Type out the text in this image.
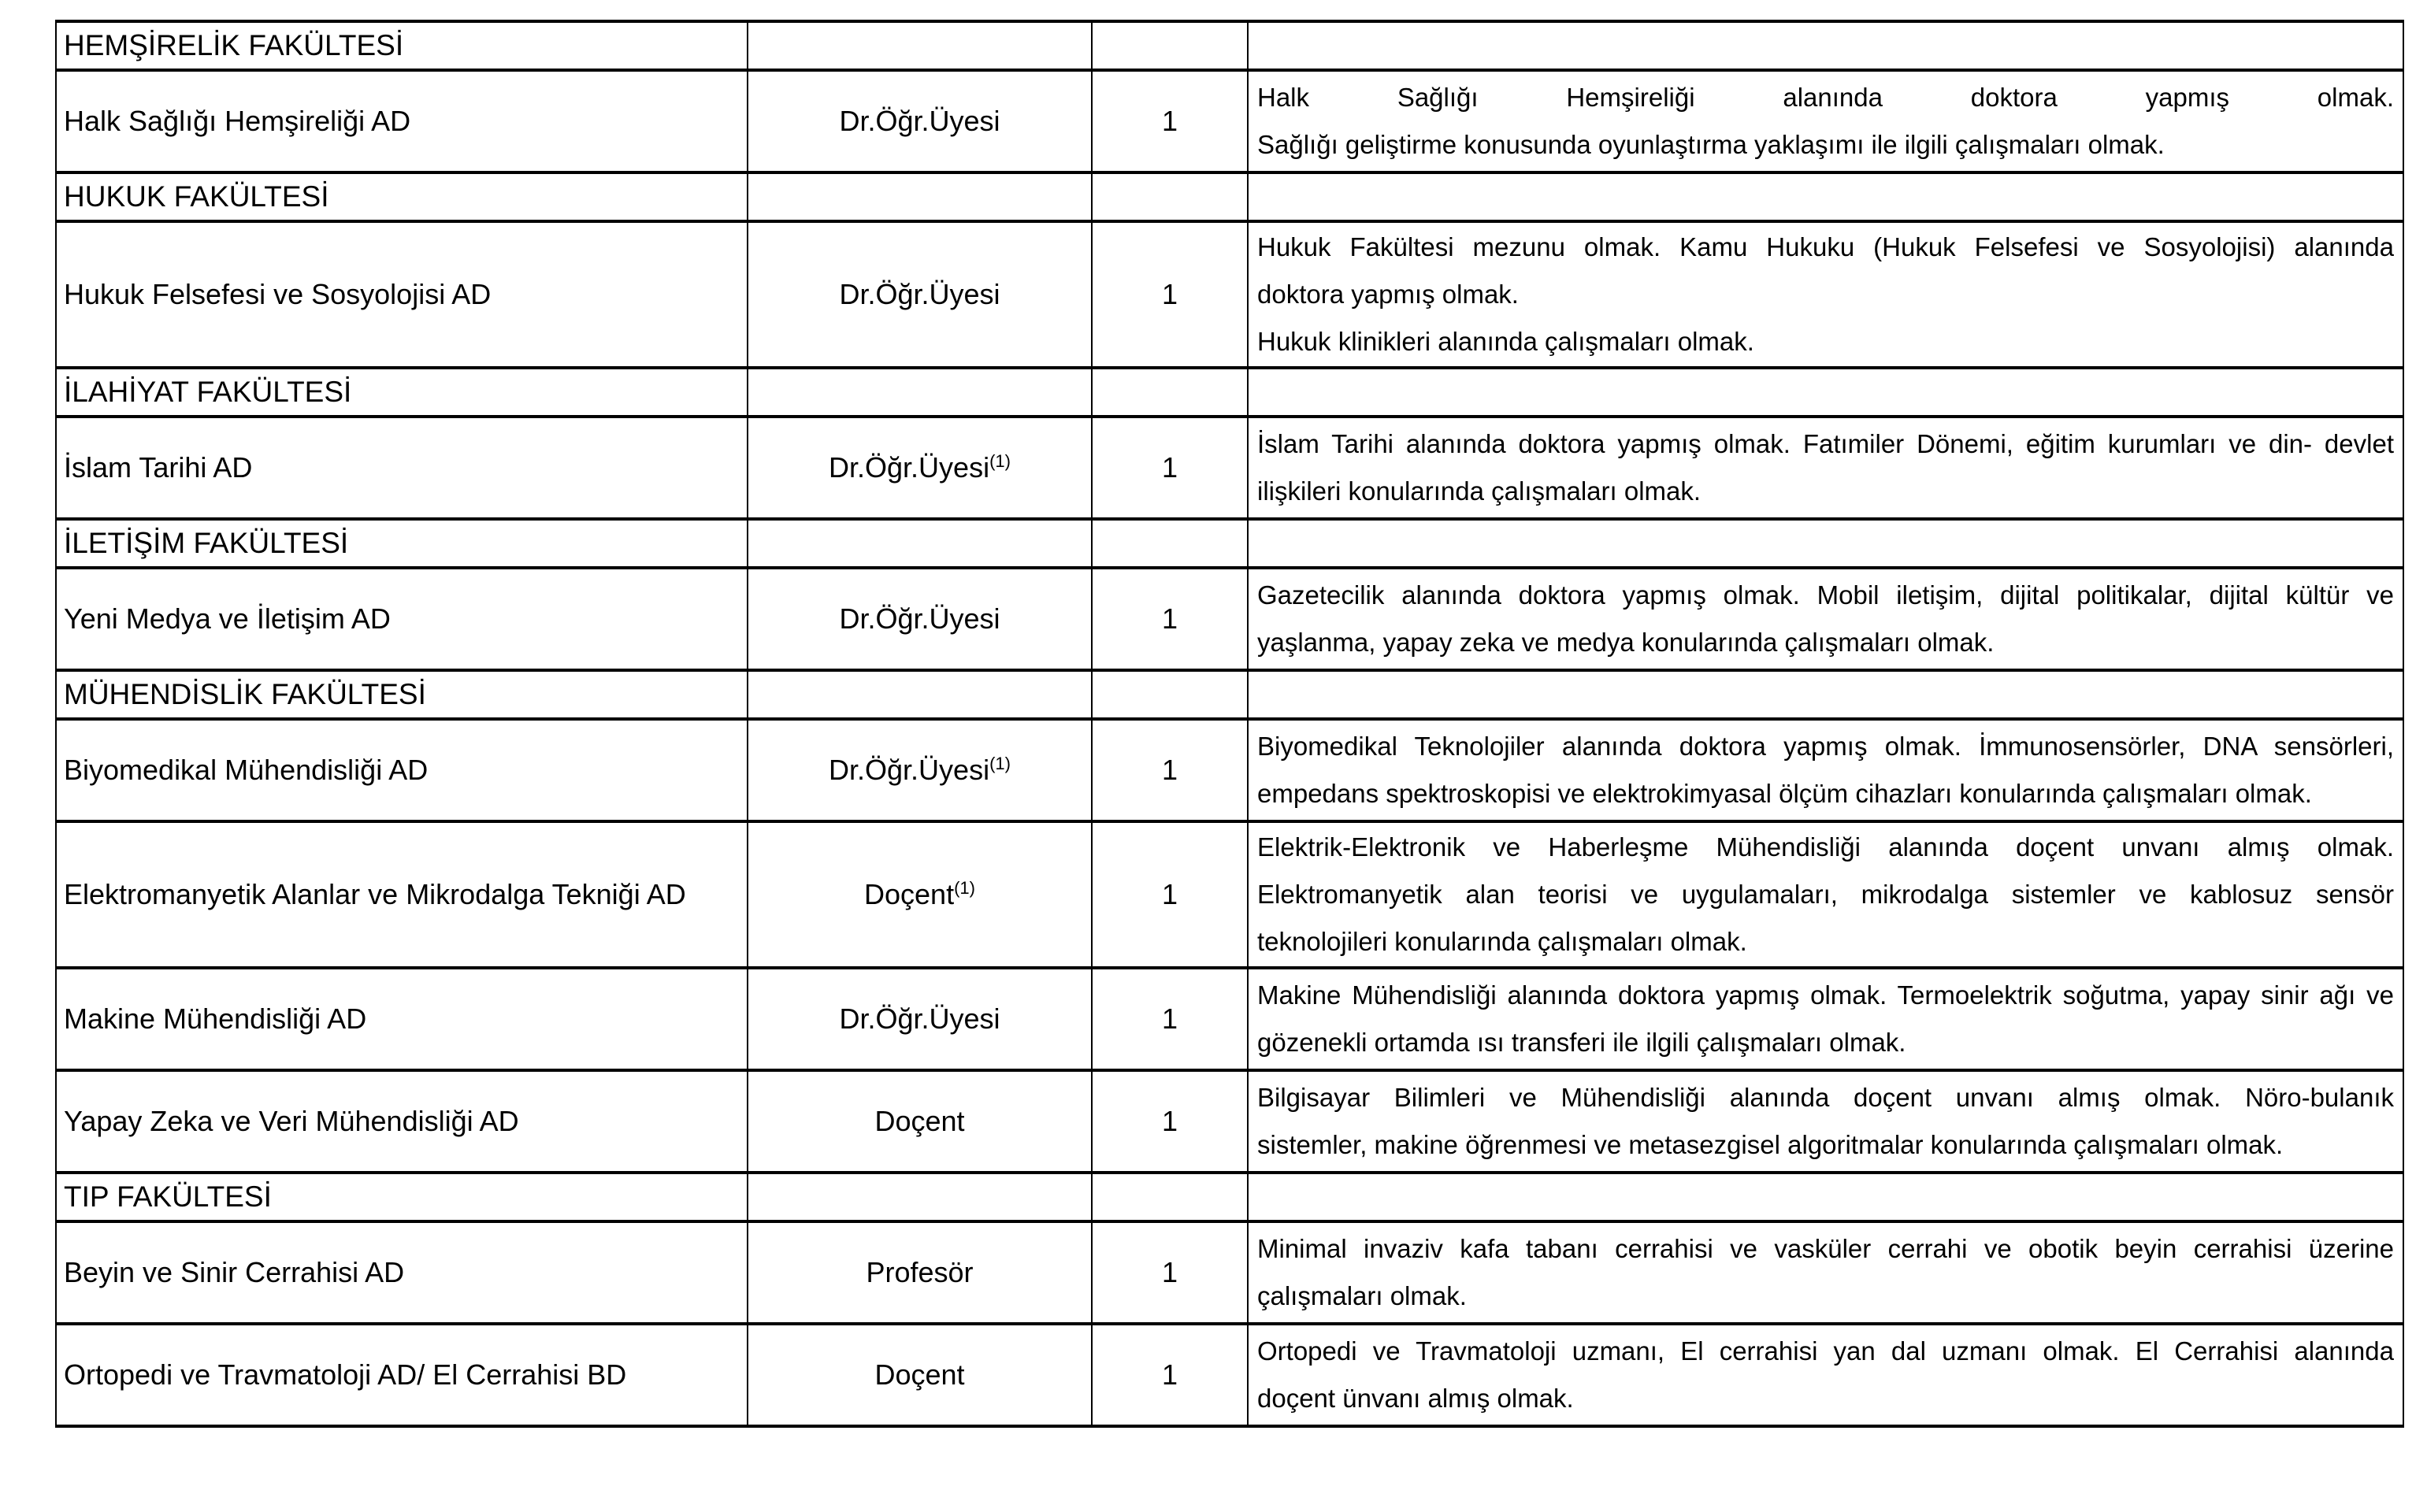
HEMŞİRELİK FAKÜLTESİ			
Halk Sağlığı Hemşireliği AD	Dr.Öğr.Üyesi	1	Halk Sağlığı Hemşireliği alanında doktora yapmış olmak.
Sağlığı geliştirme konusunda oyunlaştırma yaklaşımı ile ilgili çalışmaları olmak.

HUKUK FAKÜLTESİ			
Hukuk Felsefesi ve Sosyolojisi AD	Dr.Öğr.Üyesi	1	Hukuk Fakültesi mezunu olmak. Kamu Hukuku (Hukuk Felsefesi ve Sosyolojisi) alanında
doktora yapmış olmak.
Hukuk klinikleri alanında çalışmaları olmak.

İLAHİYAT FAKÜLTESİ			
İslam Tarihi AD	Dr.Öğr.Üyesi$^{(1)}$	1	İslam Tarihi alanında doktora yapmış olmak. Fatımiler Dönemi, eğitim kurumları ve din- devlet
ilişkileri konularında çalışmaları olmak.

İLETİŞİM FAKÜLTESİ			
Yeni Medya ve İletişim AD	Dr.Öğr.Üyesi	1	Gazetecilik alanında doktora yapmış olmak. Mobil iletişim, dijital politikalar, dijital kültür ve
yaşlanma, yapay zeka ve medya konularında çalışmaları olmak.

MÜHENDİSLİK FAKÜLTESİ			
Biyomedikal Mühendisliği AD	Dr.Öğr.Üyesi$^{(1)}$	1	Biyomedikal Teknolojiler alanında doktora yapmış olmak. İmmunosensörler, DNA sensörleri,
empedans spektroskopisi ve elektrokimyasal ölçüm cihazları konularında çalışmaları olmak.

Elektromanyetik Alanlar ve Mikrodalga Tekniği AD	Doçent$^{(1)}$	1	Elektrik-Elektronik ve Haberleşme Mühendisliği alanında doçent unvanı almış olmak.
Elektromanyetik alan teorisi ve uygulamaları, mikrodalga sistemler ve kablosuz sensör
teknolojileri konularında çalışmaları olmak.

Makine Mühendisliği AD	Dr.Öğr.Üyesi	1	Makine Mühendisliği alanında doktora yapmış olmak. Termoelektrik soğutma, yapay sinir ağı ve
gözenekli ortamda ısı transferi ile ilgili çalışmaları olmak.

Yapay Zeka ve Veri Mühendisliği AD	Doçent	1	Bilgisayar Bilimleri ve Mühendisliği alanında doçent unvanı almış olmak. Nöro-bulanık
sistemler, makine öğrenmesi ve metasezgisel algoritmalar konularında çalışmaları olmak.

TIP FAKÜLTESİ			
Beyin ve Sinir Cerrahisi AD	Profesör	1	Minimal invaziv kafa tabanı cerrahisi ve vasküler cerrahi ve obotik beyin cerrahisi üzerine
çalışmaları olmak.

Ortopedi ve Travmatoloji AD/ El Cerrahisi BD	Doçent	1	Ortopedi ve Travmatoloji uzmanı, El cerrahisi yan dal uzmanı olmak. El Cerrahisi alanında
doçent ünvanı almış olmak.
